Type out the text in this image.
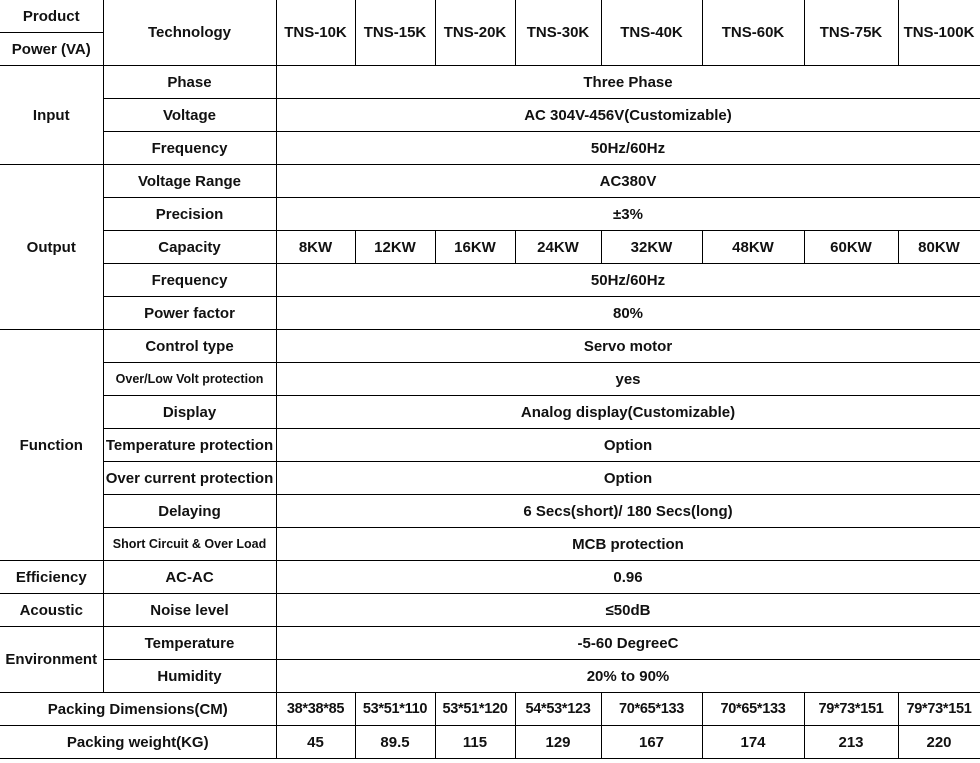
Product	Technology	TNS-10K	TNS-15K	TNS-20K	TNS-30K	TNS-40K	TNS-60K	TNS-75K	TNS-100K
Power (VA)									
Input	Phase	Three Phase							
	Voltage	AC 304V-456V(Customizable)							
	Frequency	50Hz/60Hz							
Output	Voltage Range	AC380V							
	Precision	±3%							
	Capacity	8KW	12KW	16KW	24KW	32KW	48KW	60KW	80KW
	Frequency	50Hz/60Hz							
	Power factor	80%							
Function	Control type	Servo motor							
	Over/Low Volt protection	yes							
	Display	Analog display(Customizable)							
	Temperature protection	Option							
	Over current protection	Option							
	Delaying	6 Secs(short)/ 180 Secs(long)							
	Short Circuit & Over Load	MCB protection							
Efficiency	AC-AC	0.96							
Acoustic	Noise level	≤50dB							
Environment	Temperature	-5-60 DegreeC							
	Humidity	20% to 90%							
Packing Dimensions(CM)		38*38*85	53*51*110	53*51*120	54*53*123	70*65*133	70*65*133	79*73*151	79*73*151
Packing weight(KG)		45	89.5	115	129	167	174	213	220
